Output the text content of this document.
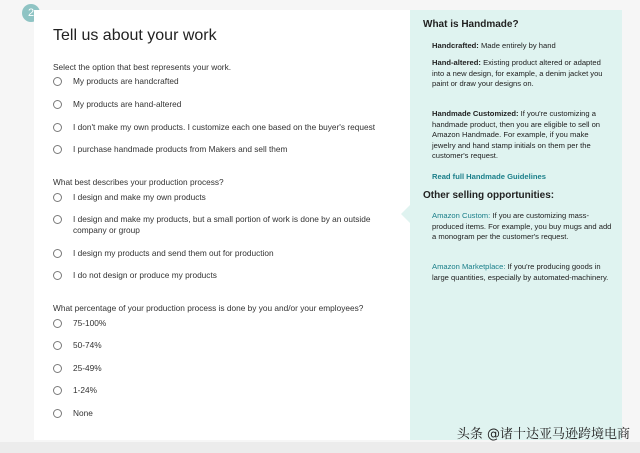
2
Tell us about your work
Select the option that best represents your work.
My products are handcrafted
My products are hand-altered
I don't make my own products. I customize each one based on the buyer's request
I purchase handmade products from Makers and sell them
What best describes your production process?
I design and make my own products
I design and make my products, but a small portion of work is done by an outside company or group
I design my products and send them out for production
I do not design or produce my products
What percentage of your production process is done by you and/or your employees?
75-100%
50-74%
25-49%
1-24%
None
What is Handmade?
Handcrafted: Made entirely by hand
Hand-altered: Existing product altered or adapted into a new design, for example, a denim jacket you paint or draw your designs on.
Handmade Customized: If you're customizing a handmade product, then you are eligible to sell on Amazon Handmade. For example, if you make jewelry and hand stamp initials on them per the customer's request.
Read full Handmade Guidelines
Other selling opportunities:
Amazon Custom: If you are customizing mass-produced items. For example, you buy mugs and add a monogram per the customer's request.
Amazon Marketplace: If you're producing goods in large quantities, especially by automated-machinery.
头条 @诸十达亚马逊跨境电商
